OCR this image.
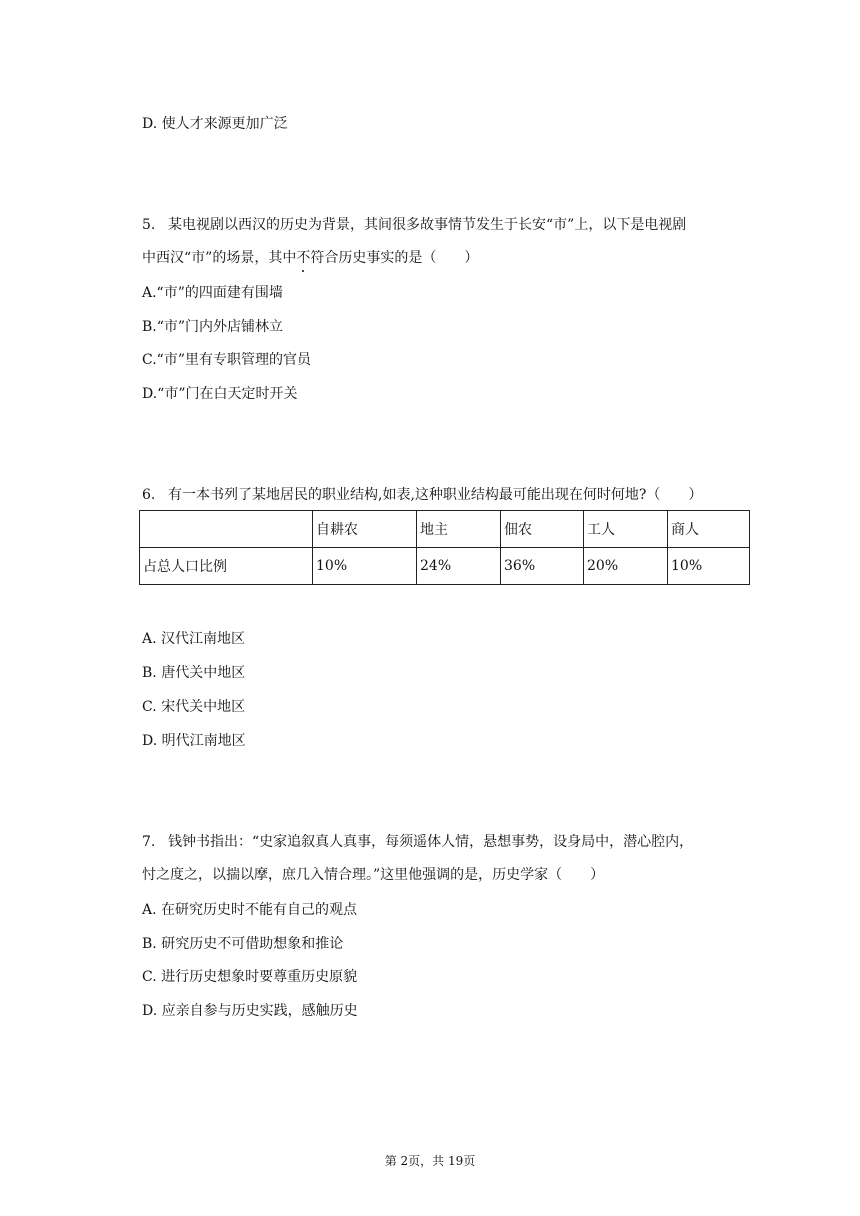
D. 使人才来源更加广泛
5. 某电视剧以西汉的历史为背景，其间很多故事情节发生于长安“市”上，以下是电视剧
中西汉“市”的场景，其中不符合历史事实的是（　　）
A.“市”的四面建有围墙
B.“市”门内外店铺林立
C.“市”里有专职管理的官员
D.“市”门在白天定时开关
6. 有一本书列了某地居民的职业结构,如表,这种职业结构最可能出现在何时何地?（　　）
	自耕农	地主	佃农	工人	商人
占总人口比例	10%	24%	36%	20%	10%
A. 汉代江南地区
B. 唐代关中地区
C. 宋代关中地区
D. 明代江南地区
7. 钱钟书指出：“史家追叙真人真事，每须遥体人情，悬想事势，设身局中，潜心腔内，
忖之度之，以揣以摩，庶几入情合理。”这里他强调的是，历史学家（　　）
A. 在研究历史时不能有自己的观点
B. 研究历史不可借助想象和推论
C. 进行历史想象时要尊重历史原貌
D. 应亲自参与历史实践，感触历史
第 2页，共 19页
